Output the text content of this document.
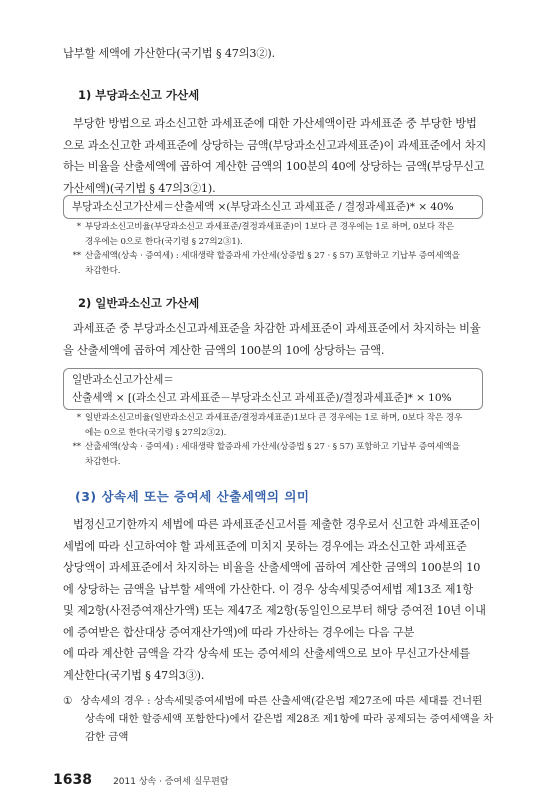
납부할 세액에 가산한다(국기법 § 47의3②).

1) 부당과소신고 가산세

부당한 방법으로 과소신고한 과세표준에 대한 가산세액이란 과세표준 중 부당한 방법
으로 과소신고한 과세표준에 상당하는 금액(부당과소신고과세표준)이 과세표준에서 차지
하는 비율을 산출세액에 곱하여 계산한 금액의 100분의 40에 상당하는 금액(부당무신고
가산세액)(국기법 § 47의3②1).

부당과소신고가산세＝산출세액 ×(부당과소신고 과세표준 / 결정과세표준)* × 40%
* 부당과소신고비율(부당과소신고 과세표준/결정과세표준)이 1보다 큰 경우에는 1로 하며, 0보다 작은
경우에는 0으로 한다(국기령 § 27의2③1).
** 산출세액(상속 · 증여세) : 세대생략 할증과세 가산세(상증법 § 27 · § 57) 포함하고 기납부 증여세액을
차감한다.
2) 일반과소신고 가산세

과세표준 중 부당과소신고과세표준을 차감한 과세표준이 과세표준에서 차지하는 비율
을 산출세액에 곱하여 계산한 금액의 100분의 10에 상당하는 금액.

일반과소신고가산세＝
산출세액 × [(과소신고 과세표준－부당과소신고 과세표준)/결정과세표준]* × 10%
* 일반과소신고비율(일반과소신고 과세표준/결정과세표준)1보다 큰 경우에는 1로 하며, 0보다 작은 경우
에는 0으로 한다(국기령 § 27의2③2).
** 산출세액(상속 · 증여세) : 세대생략 할증과세 가산세(상증법 § 27 · § 57) 포함하고 기납부 증여세액을
차감한다.
(3) 상속세 또는 증여세 산출세액의 의미

법정신고기한까지 세법에 따른 과세표준신고서를 제출한 경우로서 신고한 과세표준이
세법에 따라 신고하여야 할 과세표준에 미치지 못하는 경우에는 과소신고한 과세표준
상당액이 과세표준에서 차지하는 비율을 산출세액에 곱하여 계산한 금액의 100분의 10
에 상당하는 금액을 납부할 세액에 가산한다. 이 경우 상속세및증여세법 제13조 제1항
및 제2항(사전증여재산가액) 또는 제47조 제2항(동일인으로부터 해당 증여전 10년 이내
에 증여받은 합산대상 증여재산가액)에 따라 가산하는 경우에는 다음 구분
에 따라 계산한 금액을 각각 상속세 또는 증여세의 산출세액으로 보아 무신고가산세를
계산한다(국기법 § 47의3③).

① 상속세의 경우 : 상속세및증여세법에 따른 산출세액(같은법 제27조에 따른 세대를 건너뛴
상속에 대한 할증세액 포함한다)에서 같은법 제28조 제1항에 따라 공제되는 증여세액을 차
감한 금액
1638 2011 상속 · 증여세 실무편람
